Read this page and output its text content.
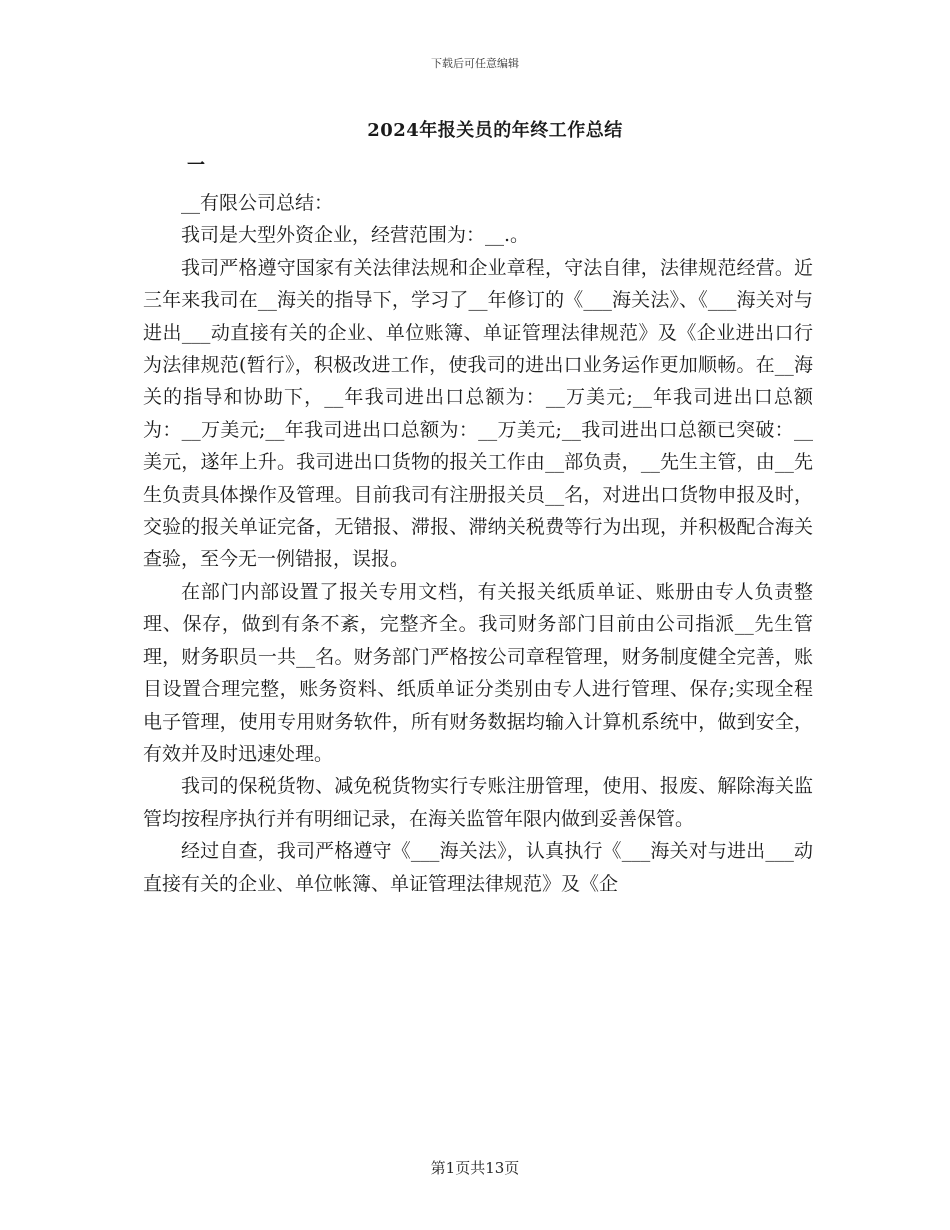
下载后可任意编辑
2024年报关员的年终工作总结
一

__有限公司总结：

我司是大型外资企业，经营范围为：__.。

我司严格遵守国家有关法律法规和企业章程，守法自律，法律规范经营。近三年来我司在__海关的指导下，学习了__年修订的《___海关法》、《___海关对与进出___动直接有关的企业、单位账簿、单证管理法律规范》及《企业进出口行为法律规范(暂行》，积极改进工作，使我司的进出口业务运作更加顺畅。在__海关的指导和协助下，__年我司进出口总额为：__万美元;__年我司进出口总额为：__万美元;__年我司进出口总额为：__万美元;__我司进出口总额已突破：__美元，遂年上升。我司进出口货物的报关工作由__部负责，__先生主管，由__先生负责具体操作及管理。目前我司有注册报关员__名，对进出口货物申报及时，交验的报关单证完备，无错报、滞报、滞纳关税费等行为出现，并积极配合海关查验，至今无一例错报，误报。

在部门内部设置了报关专用文档，有关报关纸质单证、账册由专人负责整理、保存，做到有条不紊，完整齐全。我司财务部门目前由公司指派__先生管理，财务职员一共__名。财务部门严格按公司章程管理，财务制度健全完善，账目设置合理完整，账务资料、纸质单证分类别由专人进行管理、保存;实现全程电子管理，使用专用财务软件，所有财务数据均输入计算机系统中，做到安全，有效并及时迅速处理。

我司的保税货物、减免税货物实行专账注册管理，使用、报废、解除海关监管均按程序执行并有明细记录，在海关监管年限内做到妥善保管。

经过自查，我司严格遵守《___海关法》，认真执行《___海关对与进出___动直接有关的企业、单位帐簿、单证管理法律规范》及《企

第1页共13页
